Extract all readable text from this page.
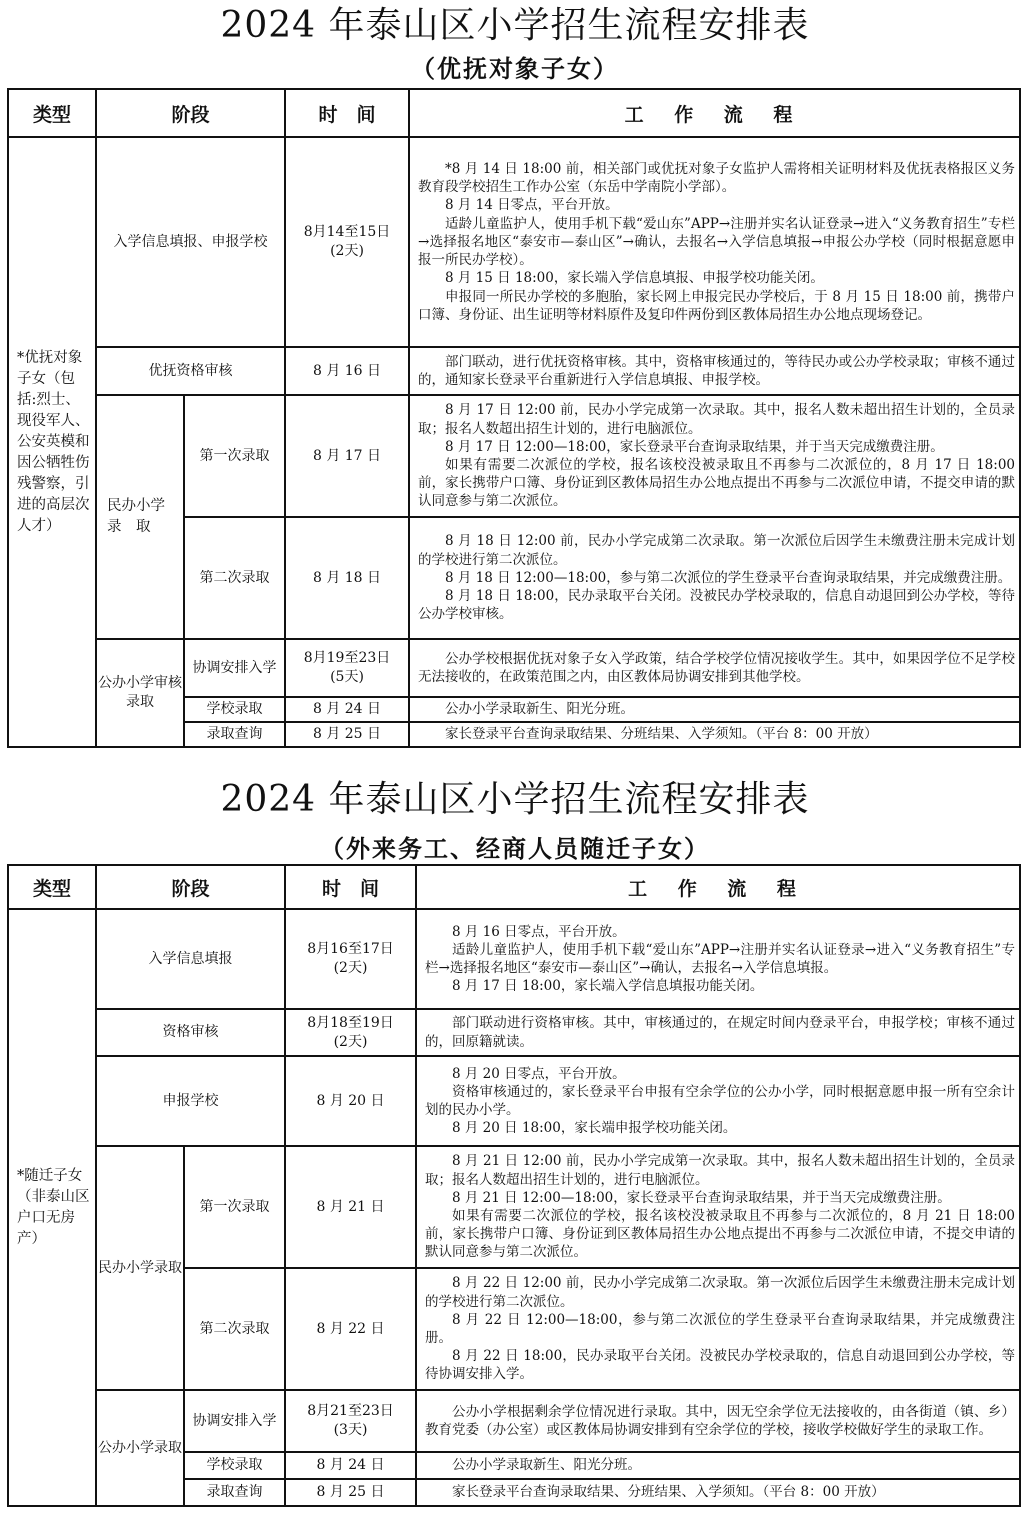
2024 年泰山区小学招生流程安排表
（优抚对象子女）
类型	阶段		时　间	工 作 流 程
*优抚对象子女（包括:烈士、现役军人、公安英模和因公牺牲伤残警察，引进的高层次人才）	入学信息填报、申报学校		8月14至15日
(2天)	*8 月 14 日 18:00 前，相关部门或优抚对象子女监护人需将相关证明材料及优抚表格报区义务教育段学校招生工作办公室（东岳中学南院小学部）。
8 月 14 日零点，平台开放。
适龄儿童监护人，使用手机下载“爱山东”APP→注册并实名认证登录→进入“义务教育招生”专栏→选择报名地区“泰安市—泰山区”→确认，去报名→入学信息填报→申报公办学校（同时根据意愿申报一所民办学校）。
8 月 15 日 18:00，家长端入学信息填报、申报学校功能关闭。
申报同一所民办学校的多胞胎，家长网上申报完民办学校后，于 8 月 15 日 18:00 前，携带户口簿、身份证、出生证明等材料原件及复印件两份到区教体局招生办公地点现场登记。

	优抚资格审核		8 月 16 日	部门联动，进行优抚资格审核。其中，资格审核通过的，等待民办或公办学校录取；审核不通过的，通知家长登录平台重新进行入学信息填报、申报学校。

	民办小学 录　取	第一次录取	8 月 17 日	8 月 17 日 12:00 前，民办小学完成第一次录取。其中，报名人数未超出招生计划的，全员录取；报名人数超出招生计划的，进行电脑派位。
8 月 17 日 12:00—18:00，家长登录平台查询录取结果，并于当天完成缴费注册。
如果有需要二次派位的学校，报名该校没被录取且不再参与二次派位的，8 月 17 日 18:00 前，家长携带户口簿、身份证到区教体局招生办公地点提出不再参与二次派位申请，不提交申请的默认同意参与第二次派位。

		第二次录取	8 月 18 日	8 月 18 日 12:00 前，民办小学完成第二次录取。第一次派位后因学生未缴费注册未完成计划的学校进行第二次派位。
8 月 18 日 12:00—18:00，参与第二次派位的学生登录平台查询录取结果，并完成缴费注册。
8 月 18 日 18:00，民办录取平台关闭。没被民办学校录取的，信息自动退回到公办学校，等待公办学校审核。

	公办小学审核录取	协调安排入学	8月19至23日
(5天)	公办学校根据优抚对象子女入学政策，结合学校学位情况接收学生。其中，如果因学位不足学校无法接收的，在政策范围之内，由区教体局协调安排到其他学校。

		学校录取	8 月 24 日	公办小学录取新生、阳光分班。

		录取查询	8 月 25 日	家长登录平台查询录取结果、分班结果、入学须知。（平台 8：00 开放）
2024 年泰山区小学招生流程安排表
（外来务工、经商人员随迁子女）
类型	阶段		时　间	工 作 流 程
*随迁子女（非泰山区户口无房产）	入学信息填报		8月16至17日
(2天)	8 月 16 日零点，平台开放。
适龄儿童监护人，使用手机下载“爱山东”APP→注册并实名认证登录→进入“义务教育招生”专栏→选择报名地区“泰安市—泰山区”→确认，去报名→入学信息填报。
8 月 17 日 18:00，家长端入学信息填报功能关闭。

	资格审核		8月18至19日
(2天)	部门联动进行资格审核。其中，审核通过的，在规定时间内登录平台，申报学校；审核不通过的，回原籍就读。

	申报学校		8 月 20 日	8 月 20 日零点，平台开放。
资格审核通过的，家长登录平台申报有空余学位的公办小学，同时根据意愿申报一所有空余计划的民办小学。
8 月 20 日 18:00，家长端申报学校功能关闭。

	民办小学录取	第一次录取	8 月 21 日	8 月 21 日 12:00 前，民办小学完成第一次录取。其中，报名人数未超出招生计划的，全员录取；报名人数超出招生计划的，进行电脑派位。
8 月 21 日 12:00—18:00，家长登录平台查询录取结果，并于当天完成缴费注册。
如果有需要二次派位的学校，报名该校没被录取且不再参与二次派位的，8 月 21 日 18:00 前，家长携带户口簿、身份证到区教体局招生办公地点提出不再参与二次派位申请，不提交申请的默认同意参与第二次派位。

		第二次录取	8 月 22 日	8 月 22 日 12:00 前，民办小学完成第二次录取。第一次派位后因学生未缴费注册未完成计划的学校进行第二次派位。
8 月 22 日 12:00—18:00，参与第二次派位的学生登录平台查询录取结果，并完成缴费注册。
8 月 22 日 18:00，民办录取平台关闭。没被民办学校录取的，信息自动退回到公办学校，等待协调安排入学。

	公办小学录取	协调安排入学	8月21至23日
(3天)	公办小学根据剩余学位情况进行录取。其中，因无空余学位无法接收的，由各街道（镇、乡）教育党委（办公室）或区教体局协调安排到有空余学位的学校，接收学校做好学生的录取工作。

		学校录取	8 月 24 日	公办小学录取新生、阳光分班。

		录取查询	8 月 25 日	家长登录平台查询录取结果、分班结果、入学须知。（平台 8：00 开放）
